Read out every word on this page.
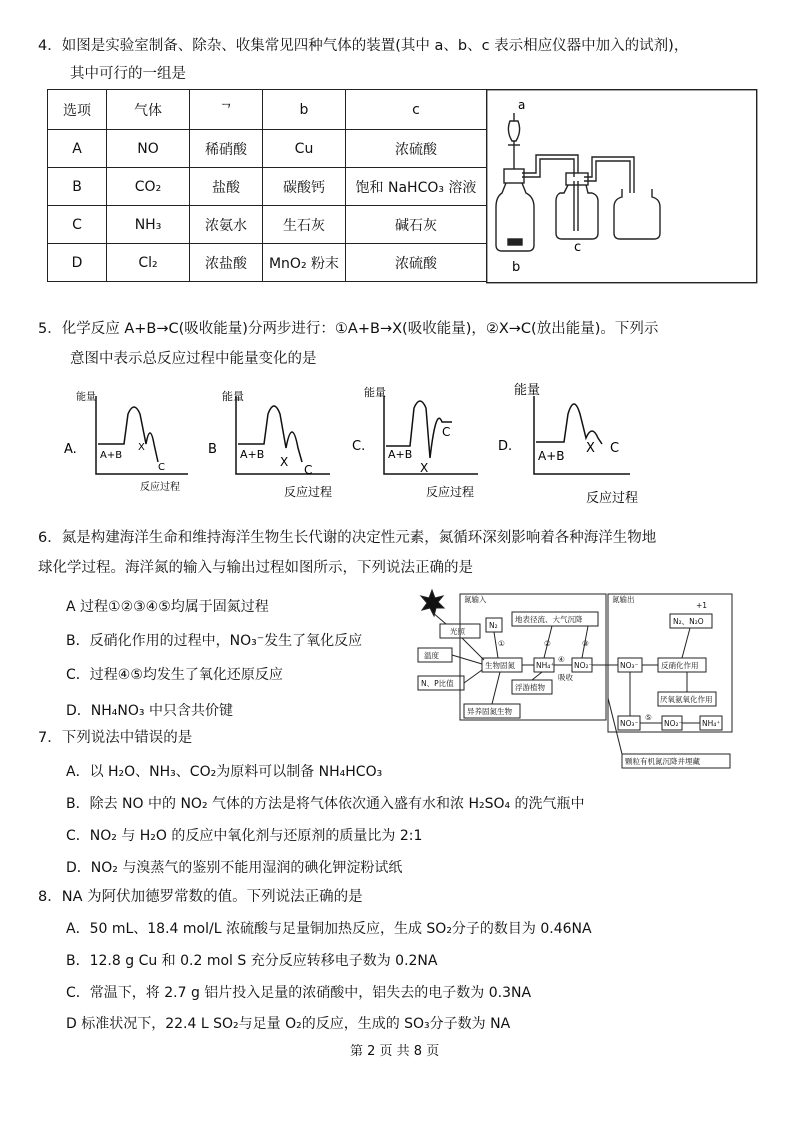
4．如图是实验室制备、除杂、收集常见四种气体的装置(其中 a、b、c 表示相应仪器中加入的试剂)，
其中可行的一组是
选项	气体	ᄀ	b	c
A	NO	稀硝酸	Cu	浓硫酸
B	CO₂	盐酸	碳酸钙	饱和 NaHCO₃ 溶液
C	NH₃	浓氨水	生石灰	碱石灰
D	Cl₂	浓盐酸	MnO₂ 粉末	浓硫酸
a
b
c
5．化学反应 A+B→C(吸收能量)分两步进行：①A+B→X(吸收能量)，②X→C(放出能量)。下列示
意图中表示总反应过程中能量变化的是
A.
能量
A+B
X
C
反应过程
B
能量
A+B
X
C
反应过程
C.
能量
A+B
X
C
反应过程
D.
能量
A+B X C
反应过程
6．氮是构建海洋生命和维持海洋生物生长代谢的决定性元素，氮循环深刻影响着各种海洋生物地
球化学过程。海洋氮的输入与输出过程如图所示，下列说法正确的是
A 过程①②③④⑤均属于固氮过程
B．反硝化作用的过程中，NO₃⁻发生了氧化反应
C．过程④⑤均发生了氧化还原反应
D．NH₄NO₃ 中只含共价键
氮输入	氮输出
光照
温度
N、P比值
N₂
地表径流、大气沉降
生物固氮	NH₄⁺	NO₂⁻	NO₃⁻
吸收
浮游植物
异养固氮生物
反硝化作用
N₂、N₂O
厌氧氨氧化作用
NO₃⁻	NO₂⁻	NH₄⁺
颗粒有机氮沉降并埋藏
①	②	③
④
⑤
+1
7．下列说法中错误的是
A．以 H₂O、NH₃、CO₂为原料可以制备 NH₄HCO₃
B．除去 NO 中的 NO₂ 气体的方法是将气体依次通入盛有水和浓 H₂SO₄ 的洗气瓶中
C．NO₂ 与 H₂O 的反应中氧化剂与还原剂的质量比为 2:1
D．NO₂ 与溴蒸气的鉴别不能用湿润的碘化钾淀粉试纸
8．NA 为阿伏加德罗常数的值。下列说法正确的是
A．50 mL、18.4 mol/L 浓硫酸与足量铜加热反应，生成 SO₂分子的数目为 0.46NA
B．12.8 g Cu 和 0.2 mol S 充分反应转移电子数为 0.2NA
C．常温下，将 2.7 g 铝片投入足量的浓硝酸中，铝失去的电子数为 0.3NA
D 标准状况下，22.4 L SO₂与足量 O₂的反应，生成的 SO₃分子数为 NA
第 2 页 共 8 页
